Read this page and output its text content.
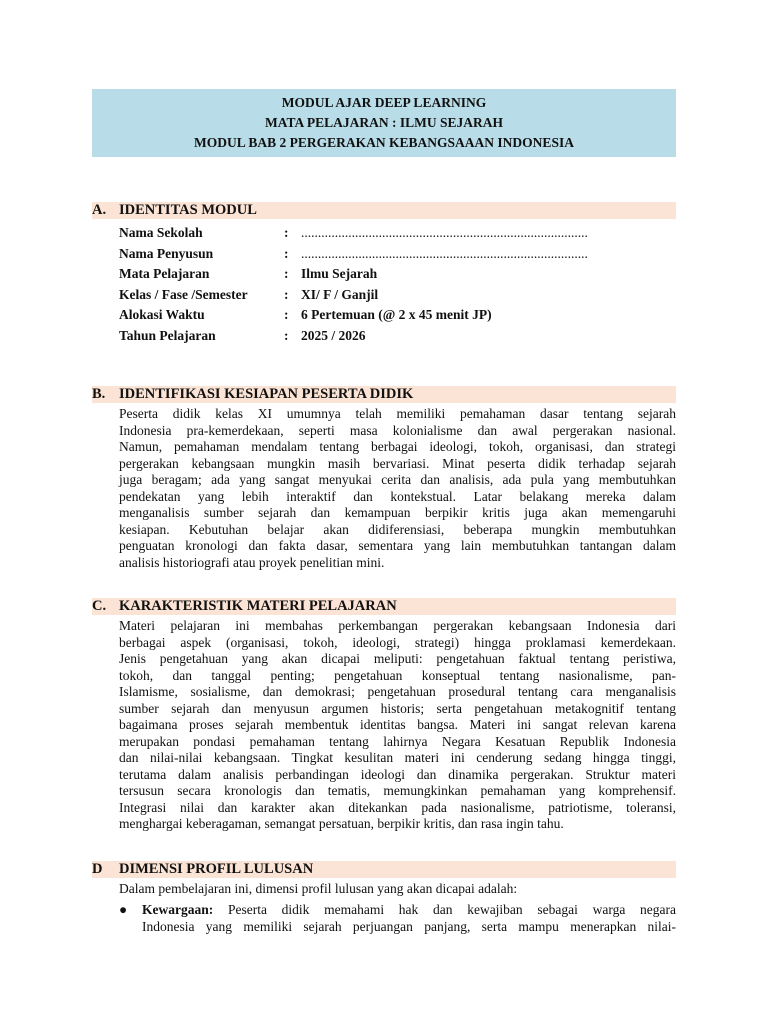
MODUL AJAR DEEP LEARNING
MATA PELAJARAN : ILMU SEJARAH
MODUL BAB 2 PERGERAKAN KEBANGSAAAN INDONESIA
A. IDENTITAS MODUL
Nama Sekolah	: .....................................................................................
Nama Penyusun	: .....................................................................................
Mata Pelajaran	: Ilmu Sejarah
Kelas / Fase /Semester	: XI/ F / Ganjil
Alokasi Waktu	: 6 Pertemuan (@ 2 x 45 menit JP)
Tahun Pelajaran	: 2025 / 2026
B. IDENTIFIKASI KESIAPAN PESERTA DIDIK
Peserta didik kelas XI umumnya telah memiliki pemahaman dasar tentang sejarah
Indonesia pra-kemerdekaan, seperti masa kolonialisme dan awal pergerakan nasional.
Namun, pemahaman mendalam tentang berbagai ideologi, tokoh, organisasi, dan strategi
pergerakan kebangsaan mungkin masih bervariasi. Minat peserta didik terhadap sejarah
juga beragam; ada yang sangat menyukai cerita dan analisis, ada pula yang membutuhkan
pendekatan yang lebih interaktif dan kontekstual. Latar belakang mereka dalam
menganalisis sumber sejarah dan kemampuan berpikir kritis juga akan memengaruhi
kesiapan. Kebutuhan belajar akan didiferensiasi, beberapa mungkin membutuhkan
penguatan kronologi dan fakta dasar, sementara yang lain membutuhkan tantangan dalam
analisis historiografi atau proyek penelitian mini.
C. KARAKTERISTIK MATERI PELAJARAN
Materi pelajaran ini membahas perkembangan pergerakan kebangsaan Indonesia dari
berbagai aspek (organisasi, tokoh, ideologi, strategi) hingga proklamasi kemerdekaan.
Jenis pengetahuan yang akan dicapai meliputi: pengetahuan faktual tentang peristiwa,
tokoh, dan tanggal penting; pengetahuan konseptual tentang nasionalisme, pan-
Islamisme, sosialisme, dan demokrasi; pengetahuan prosedural tentang cara menganalisis
sumber sejarah dan menyusun argumen historis; serta pengetahuan metakognitif tentang
bagaimana proses sejarah membentuk identitas bangsa. Materi ini sangat relevan karena
merupakan pondasi pemahaman tentang lahirnya Negara Kesatuan Republik Indonesia
dan nilai-nilai kebangsaan. Tingkat kesulitan materi ini cenderung sedang hingga tinggi,
terutama dalam analisis perbandingan ideologi dan dinamika pergerakan. Struktur materi
tersusun secara kronologis dan tematis, memungkinkan pemahaman yang komprehensif.
Integrasi nilai dan karakter akan ditekankan pada nasionalisme, patriotisme, toleransi,
menghargai keberagaman, semangat persatuan, berpikir kritis, dan rasa ingin tahu.
D DIMENSI PROFIL LULUSAN
Dalam pembelajaran ini, dimensi profil lulusan yang akan dicapai adalah:
● Kewargaan: Peserta didik memahami hak dan kewajiban sebagai warga negara
Indonesia yang memiliki sejarah perjuangan panjang, serta mampu menerapkan nilai-
